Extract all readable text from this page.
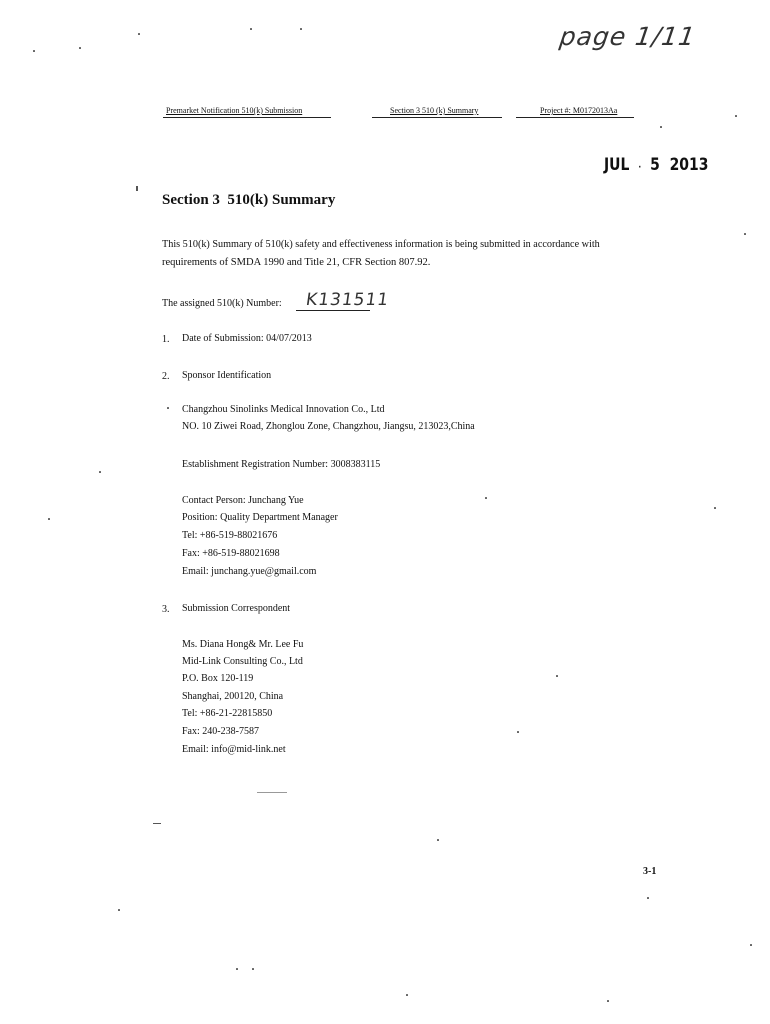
page 1/11
Premarket Notification 510(k) Submission	Section 3 510 (k) Summary	Project #: M0172013Aa
JUL · 5 2013
Section 3  510(k) Summary
This 510(k) Summary of 510(k) safety and effectiveness information is being submitted in accordance with
requirements of SMDA 1990 and Title 21, CFR Section 807.92.
The assigned 510(k) Number: K131511
1. Date of Submission: 04/07/2013
2. Sponsor Identification
Changzhou Sinolinks Medical Innovation Co., Ltd
NO. 10 Ziwei Road, Zhonglou Zone, Changzhou, Jiangsu, 213023,China
Establishment Registration Number: 3008383115
Contact Person: Junchang Yue
Position: Quality Department Manager
Tel: +86-519-88021676
Fax: +86-519-88021698
Email: junchang.yue@gmail.com
3. Submission Correspondent
Ms. Diana Hong& Mr. Lee Fu
Mid-Link Consulting Co., Ltd
P.O. Box 120-119
Shanghai, 200120, China
Tel: +86-21-22815850
Fax: 240-238-7587
Email: info@mid-link.net
3-1
